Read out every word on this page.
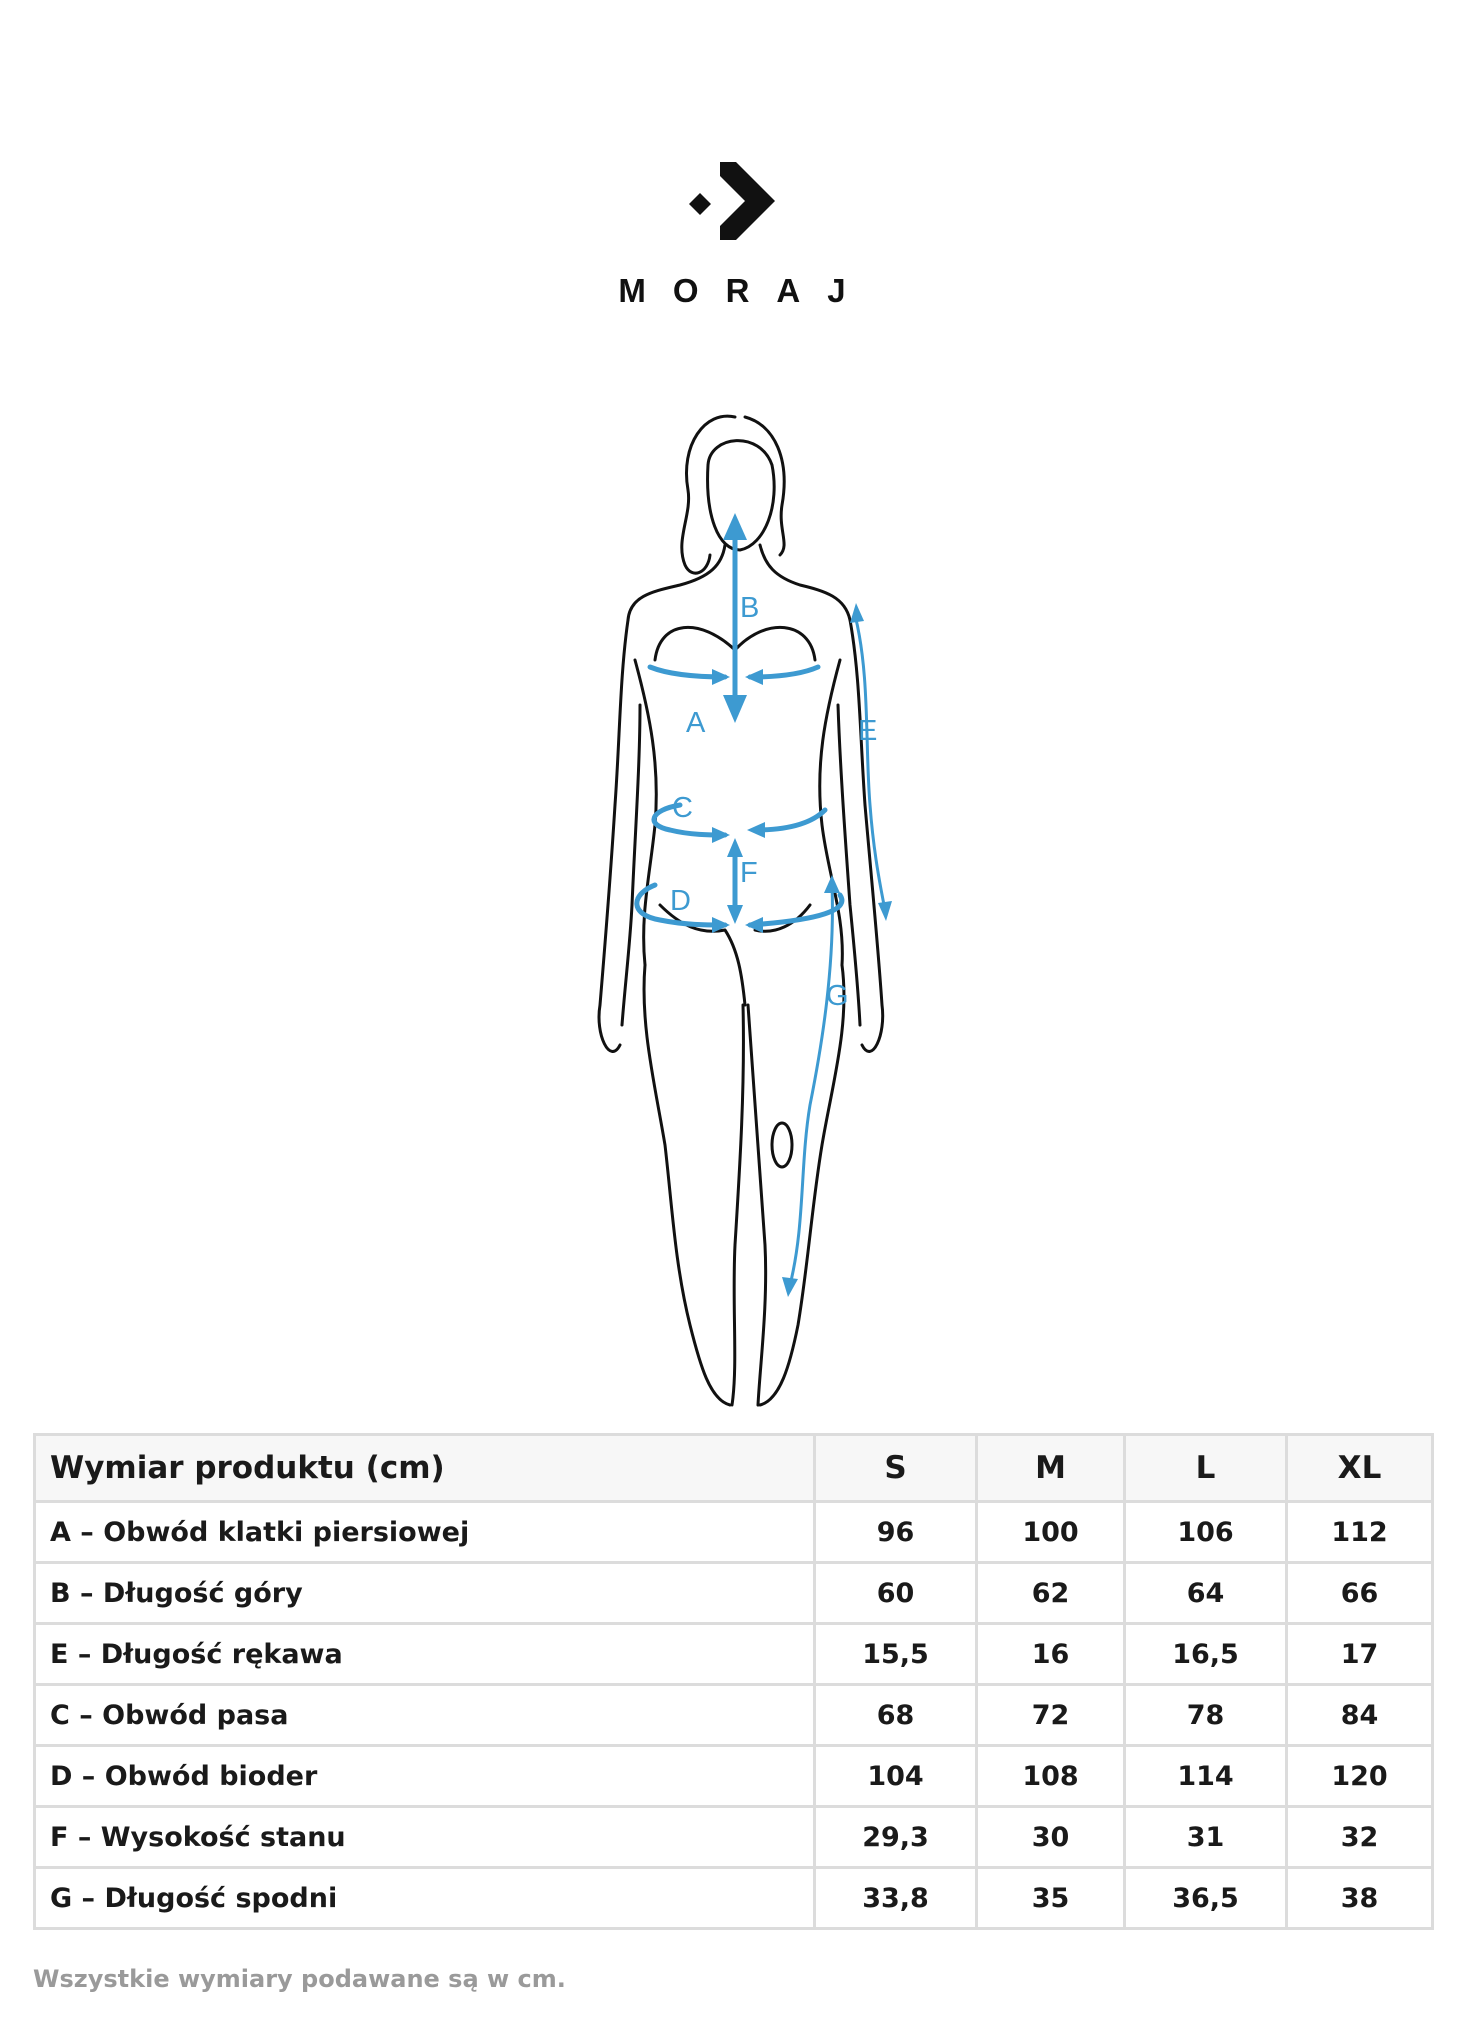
MORAJ
B
A	E
C
F
D
G
Wymiar produktu (cm)	S	M	L	XL
A – Obwód klatki piersiowej	96	100	106	112
B – Długość góry	60	62	64	66
E – Długość rękawa	15,5	16	16,5	17
C – Obwód pasa	68	72	78	84
D – Obwód bioder	104	108	114	120
F – Wysokość stanu	29,3	30	31	32
G – Długość spodni	33,8	35	36,5	38
Wszystkie wymiary podawane są w cm.
